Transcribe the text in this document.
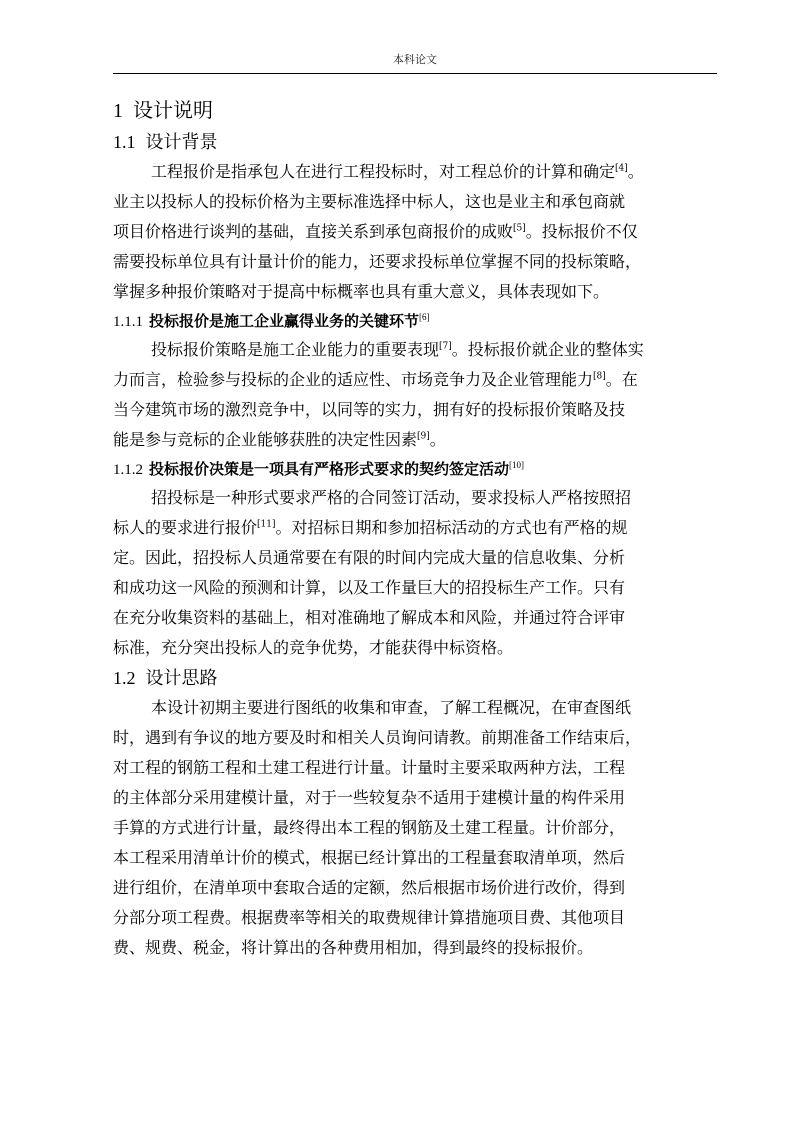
本科论文
1 设计说明
1.1 设计背景

工程报价是指承包人在进行工程投标时，对工程总价的计算和确定[4]。
业主以投标人的投标价格为主要标准选择中标人，这也是业主和承包商就
项目价格进行谈判的基础，直接关系到承包商报价的成败[5]。投标报价不仅
需要投标单位具有计量计价的能力，还要求投标单位掌握不同的投标策略，
掌握多种报价策略对于提高中标概率也具有重大意义，具体表现如下。

1.1.1 投标报价是施工企业赢得业务的关键环节[6]

投标报价策略是施工企业能力的重要表现[7]。投标报价就企业的整体实
力而言，检验参与投标的企业的适应性、市场竞争力及企业管理能力[8]。在
当今建筑市场的激烈竞争中，以同等的实力，拥有好的投标报价策略及技
能是参与竞标的企业能够获胜的决定性因素[9]。

1.1.2 投标报价决策是一项具有严格形式要求的契约签定活动[10]

招投标是一种形式要求严格的合同签订活动，要求投标人严格按照招
标人的要求进行报价[11]。对招标日期和参加招标活动的方式也有严格的规
定。因此，招投标人员通常要在有限的时间内完成大量的信息收集、分析
和成功这一风险的预测和计算，以及工作量巨大的招投标生产工作。只有
在充分收集资料的基础上，相对准确地了解成本和风险，并通过符合评审
标准，充分突出投标人的竞争优势，才能获得中标资格。

1.2 设计思路

本设计初期主要进行图纸的收集和审查，了解工程概况，在审查图纸
时，遇到有争议的地方要及时和相关人员询问请教。前期准备工作结束后，
对工程的钢筋工程和土建工程进行计量。计量时主要采取两种方法，工程
的主体部分采用建模计量，对于一些较复杂不适用于建模计量的构件采用
手算的方式进行计量，最终得出本工程的钢筋及土建工程量。计价部分，
本工程采用清单计价的模式，根据已经计算出的工程量套取清单项，然后
进行组价，在清单项中套取合适的定额，然后根据市场价进行改价，得到
分部分项工程费。根据费率等相关的取费规律计算措施项目费、其他项目
费、规费、税金，将计算出的各种费用相加，得到最终的投标报价。
